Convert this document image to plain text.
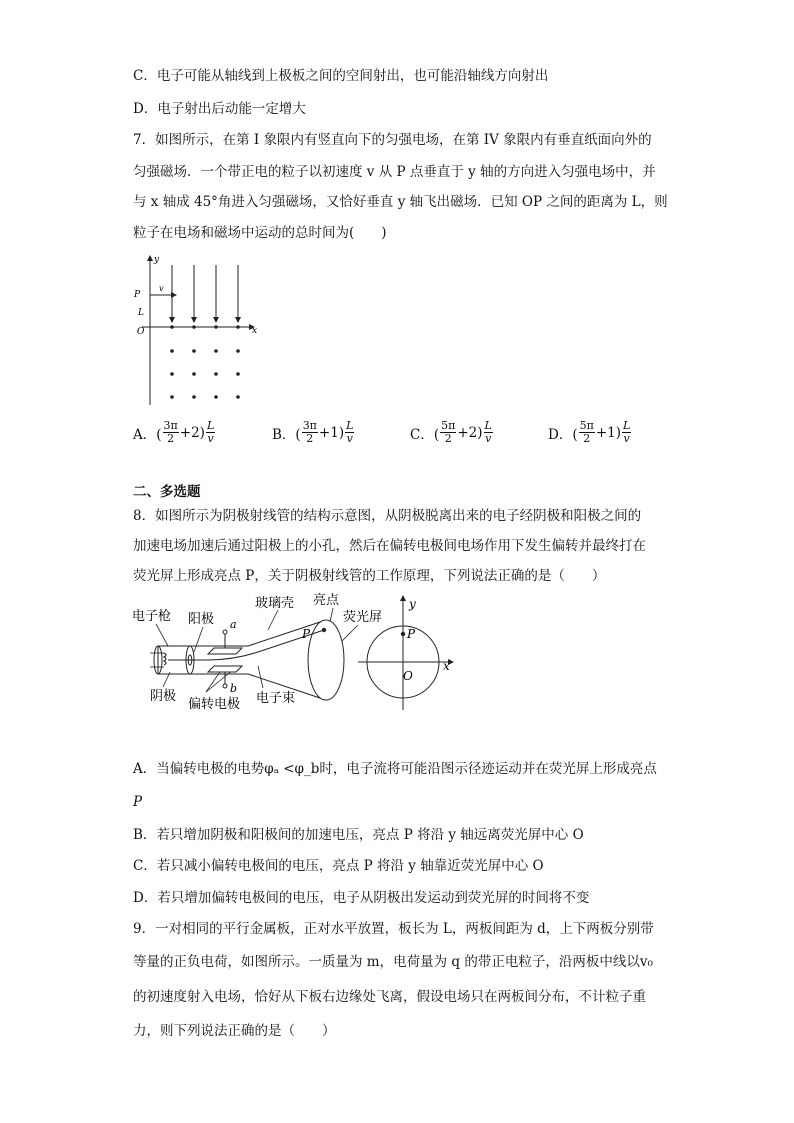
C．电子可能从轴线到上极板之间的空间射出，也可能沿轴线方向射出
D．电子射出后动能一定增大
7．如图所示，在第 I 象限内有竖直向下的匀强电场，在第 IV 象限内有垂直纸面向外的
匀强磁场．一个带正电的粒子以初速度 v 从 P 点垂直于 y 轴的方向进入匀强电场中，并
与 x 轴成 45°角进入匀强磁场，又恰好垂直 y 轴飞出磁场．已知 OP 之间的距离为 L，则
粒子在电场和磁场中运动的总时间为(　　)
y
x
P
v
L
O
A．( $\frac{3\pi}{2} +2) \frac{L}{v}$	B．( $\frac{3\pi}{2} +1) \frac{L}{v}$	C．( $\frac{5\pi}{2} +2) \frac{L}{v}$	D．( $\frac{5\pi}{2} +1) \frac{L}{v}$
二、多选题
8．如图所示为阴极射线管的结构示意图，从阴极脱离出来的电子经阴极和阳极之间的
加速电场加速后通过阳极上的小孔，然后在偏转电极间电场作用下发生偏转并最终打在
荧光屏上形成亮点 P，关于阴极射线管的工作原理，下列说法正确的是（　　）
电子枪 阳极
玻璃壳 亮点
荧光屏
阴极
偏转电极 电子束
a
b
P
x
y
P
O
A．当偏转电极的电势φₐ <φ_b时，电子流将可能沿图示径迹运动并在荧光屏上形成亮点
P
B．若只增加阴极和阳极间的加速电压，亮点 P 将沿 y 轴远离荧光屏中心 O
C．若只减小偏转电极间的电压，亮点 P 将沿 y 轴靠近荧光屏中心 O
D．若只增加偏转电极间的电压，电子从阴极出发运动到荧光屏的时间将不变
9．一对相同的平行金属板，正对水平放置，板长为 L，两板间距为 d，上下两板分别带
等量的正负电荷，如图所示。一质量为 m，电荷量为 q 的带正电粒子，沿两板中线以v₀
的初速度射入电场，恰好从下板右边缘处飞离，假设电场只在两板间分布，不计粒子重
力，则下列说法正确的是（　　）
